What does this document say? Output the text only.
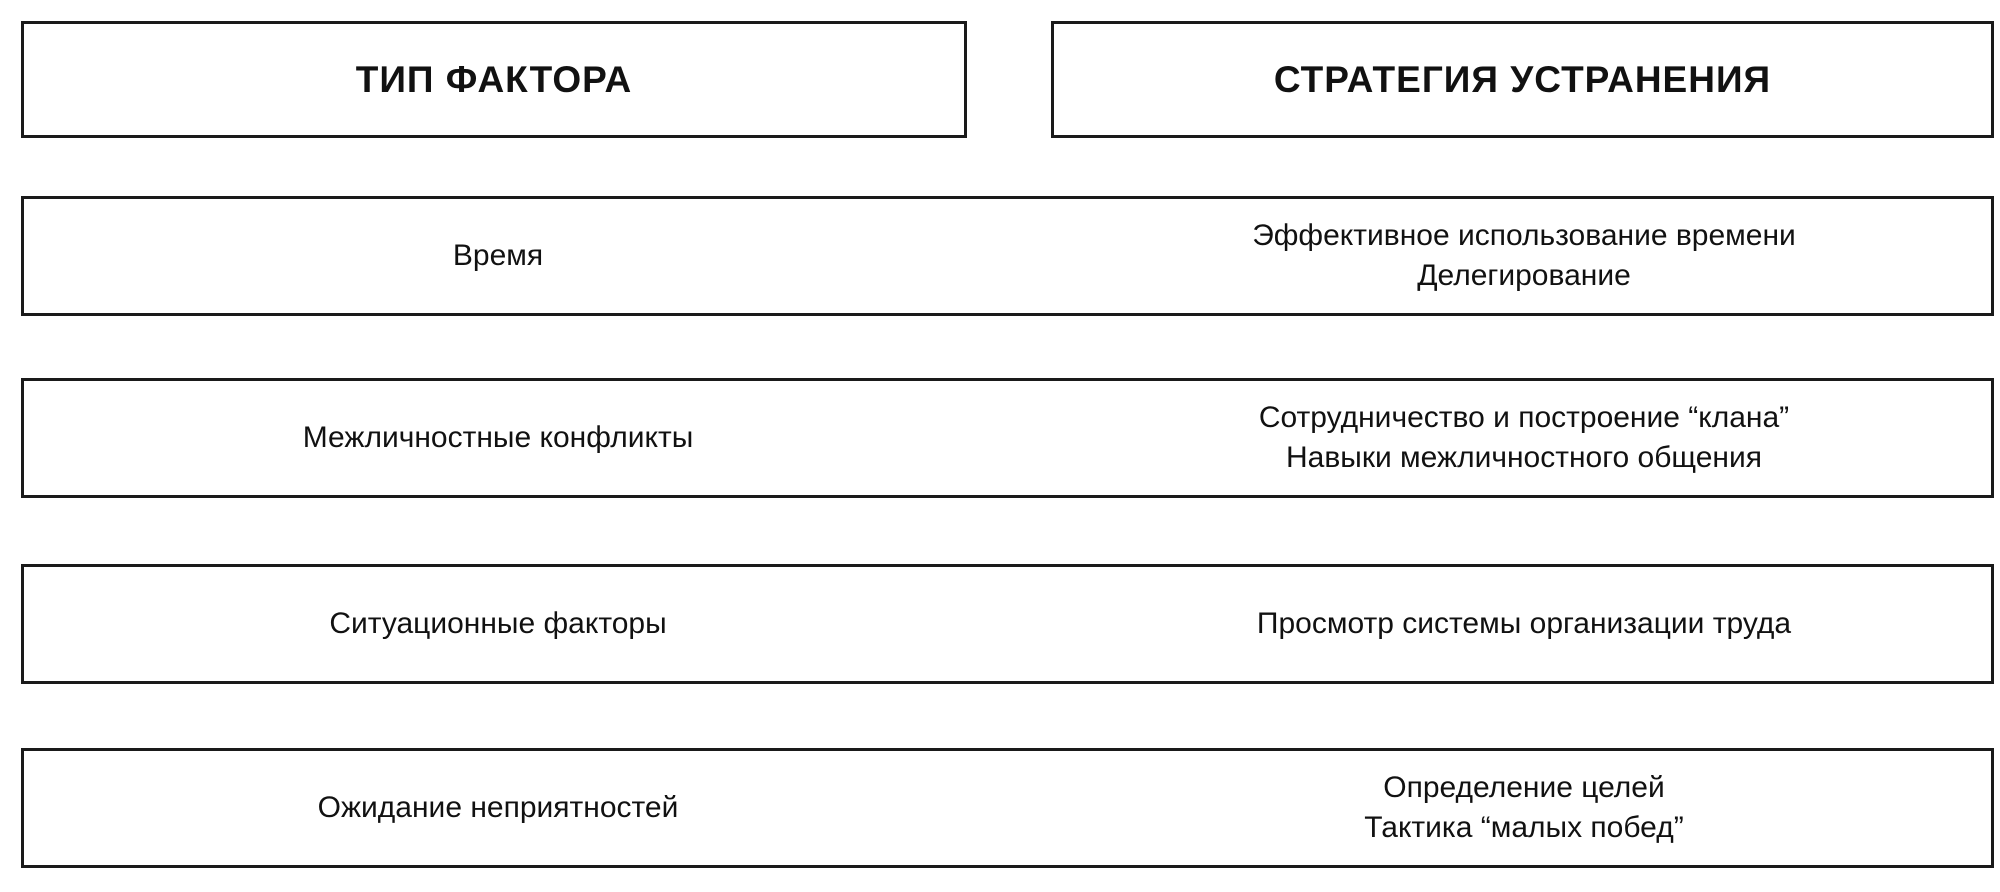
ТИП ФАКТОРА	СТРАТЕГИЯ УСТРАНЕНИЯ
Время
Эффективное использование времени
Делегирование
Межличностные конфликты
Сотрудничество и построение “клана”
Навыки межличностного общения
Ситуационные факторы	Просмотр системы организации труда
Ожидание неприятностей
Определение целей
Тактика “малых побед”
